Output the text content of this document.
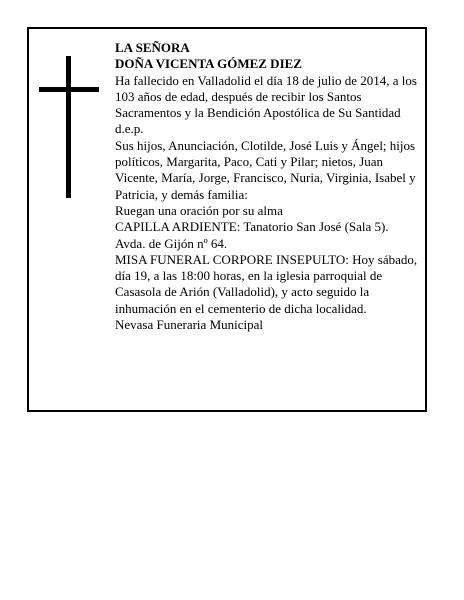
LA SEÑORA

DOÑA VICENTA GÓMEZ DIEZ

Ha fallecido en Valladolid el día 18 de julio de 2014, a los 103 años de edad, después de recibir los Santos Sacramentos y la Bendición Apostólica de Su Santidad d.e.p.

Sus hijos, Anunciación, Clotilde, José Luis y Ángel; hijos políticos, Margarita, Paco, Cati y Pilar; nietos, Juan Vicente, María, Jorge, Francisco, Nuria, Virginia, Isabel y Patricia, y demás familia:

Ruegan una oración por su alma

CAPILLA ARDIENTE: Tanatorio San José (Sala 5). Avda. de Gijón nº 64.

MISA FUNERAL CORPORE INSEPULTO: Hoy sábado, día 19, a las 18:00 horas, en la iglesia parroquial de Casasola de Arión (Valladolid), y acto seguido la inhumación en el cementerio de dicha localidad.

Nevasa Funeraria Municipal
